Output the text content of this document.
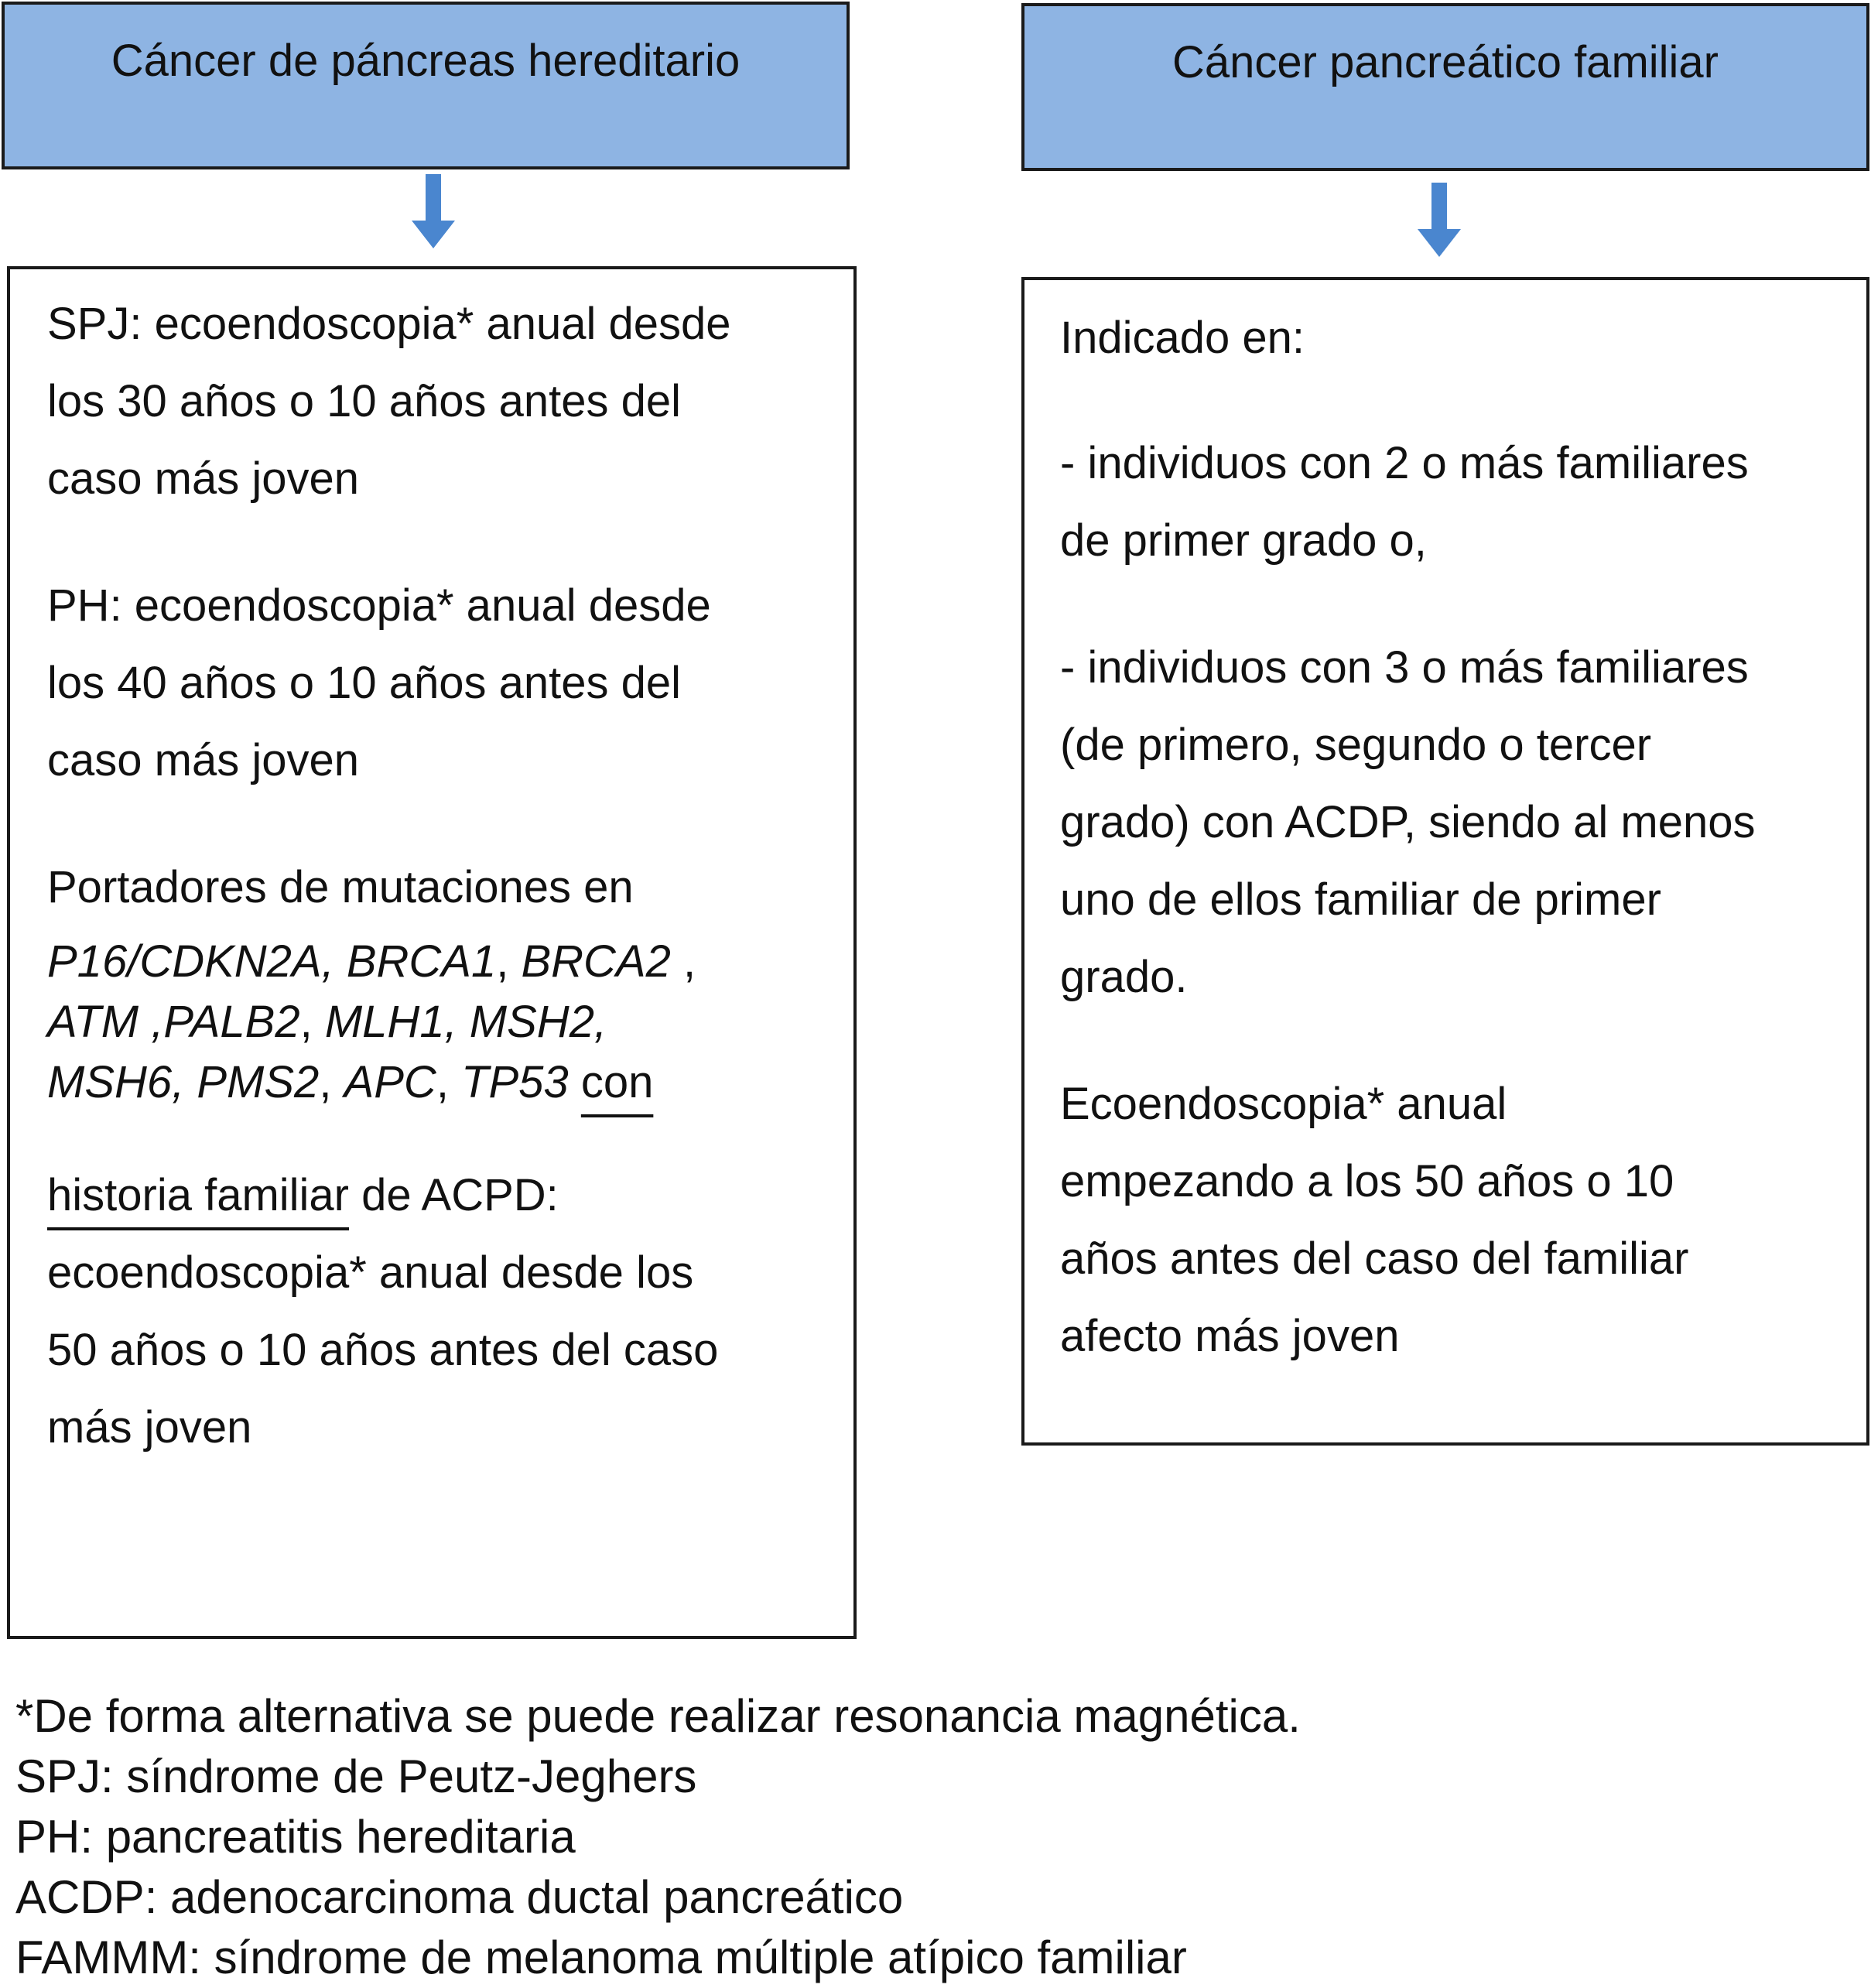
Cáncer de páncreas hereditario	Cáncer pancreático familiar
SPJ: ecoendoscopia* anual desde
los 30 años o 10 años antes del
caso más joven
PH: ecoendoscopia* anual desde
los 40 años o 10 años antes del
caso más joven
Portadores de mutaciones en
P16/CDKN2A, BRCA1, BRCA2 ,
ATM ,PALB2, MLH1, MSH2,
MSH6, PMS2, APC, TP53 con
historia familiar de ACPD:
ecoendoscopia* anual desde los
50 años o 10 años antes del caso
más joven
Indicado en:
- individuos con 2 o más familiares
de primer grado o,
- individuos con 3 o más familiares
(de primero, segundo o tercer
grado) con ACDP, siendo al menos
uno de ellos familiar de primer
grado.
Ecoendoscopia* anual
empezando a los 50 años o 10
años antes del caso del familiar
afecto más joven
*De forma alternativa se puede realizar resonancia magnética.
SPJ: síndrome de Peutz-Jeghers
PH: pancreatitis hereditaria
ACDP: adenocarcinoma ductal pancreático
FAMMM: síndrome de melanoma múltiple atípico familiar
